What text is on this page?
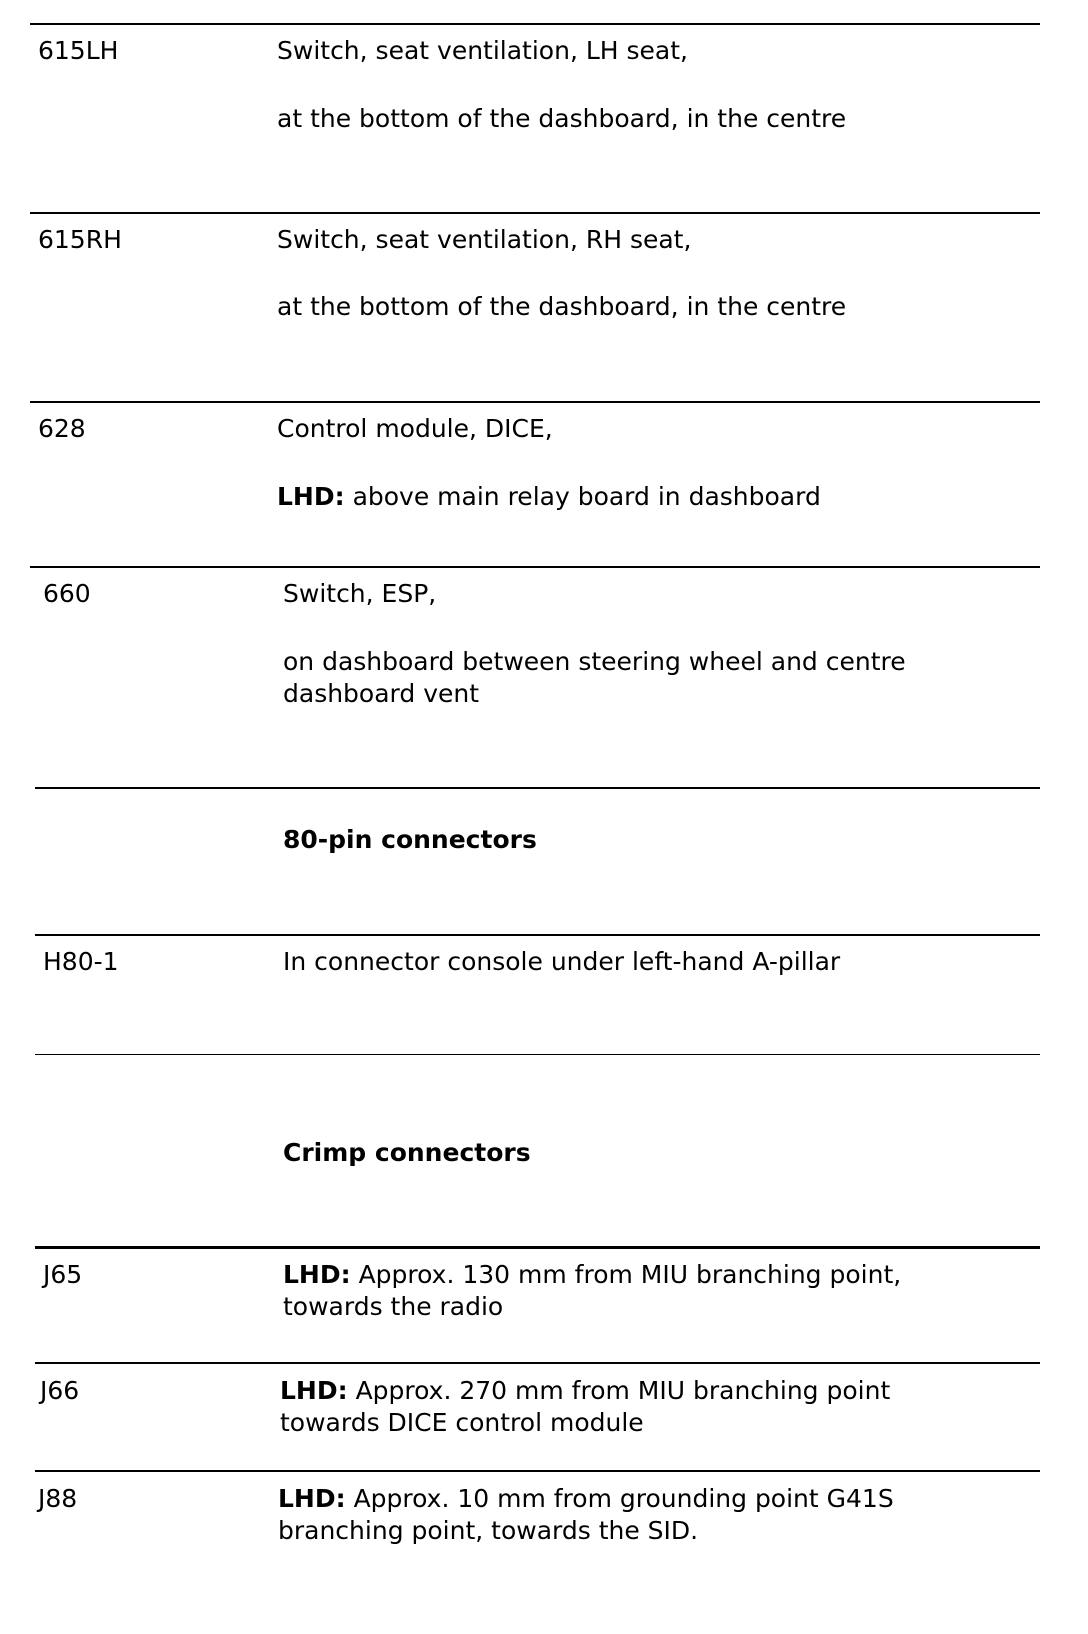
615LH	Switch, seat ventilation, LH seat,
at the bottom of the dashboard, in the centre
615RH	Switch, seat ventilation, RH seat,
at the bottom of the dashboard, in the centre
628	Control module, DICE,
LHD: above main relay board in dashboard
660	Switch, ESP,
on dashboard between steering wheel and centre
dashboard vent
80-pin connectors
H80-1	In connector console under left-hand A-pillar
Crimp connectors
J65	LHD: Approx. 130 mm from MIU branching point,
towards the radio
J66	LHD: Approx. 270 mm from MIU branching point
towards DICE control module
J88	LHD: Approx. 10 mm from grounding point G41S
branching point, towards the SID.
